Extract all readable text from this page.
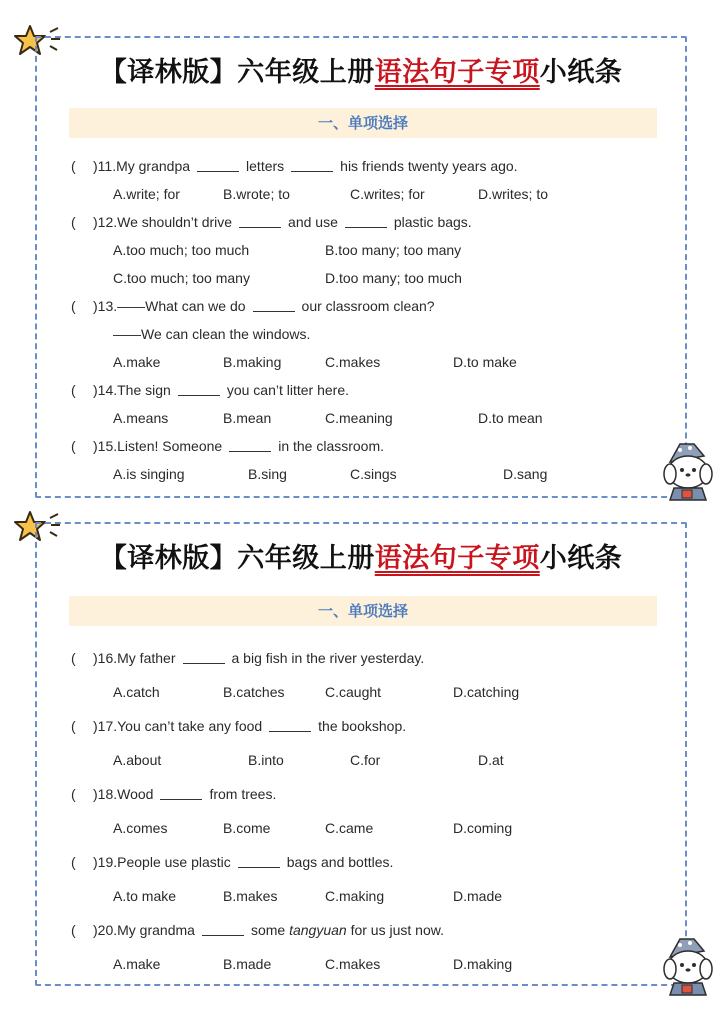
【译林版】六年级上册语法句子专项小纸条
一、单项选择
( )11.My grandpa	letters	his friends twenty years ago.
A.write; for	B.wrote; to	C.writes; for	D.writes; to
( )12.We shouldn’t drive	and use	plastic bags.
A.too much; too much	B.too many; too many
C.too much; too many	D.too many; too much
( )13.——What can we do	our classroom clean?
——We can clean the windows.
A.make	B.making	C.makes	D.to make
( )14.The sign	you can’t litter here.
A.means	B.mean	C.meaning	D.to mean
( )15.Listen! Someone	in the classroom.
A.is singing	B.sing	C.sings	D.sang
【译林版】六年级上册语法句子专项小纸条
一、单项选择
( )16.My father	a big fish in the river yesterday.
A.catch	B.catches	C.caught	D.catching
( )17.You can’t take any food	the bookshop.
A.about	B.into	C.for	D.at
( )18.Wood	from trees.
A.comes	B.come	C.came	D.coming
( )19.People use plastic	bags and bottles.
A.to make	B.makes	C.making	D.made
( )20.My grandma	some tangyuan for us just now.
A.make	B.made	C.makes	D.making
